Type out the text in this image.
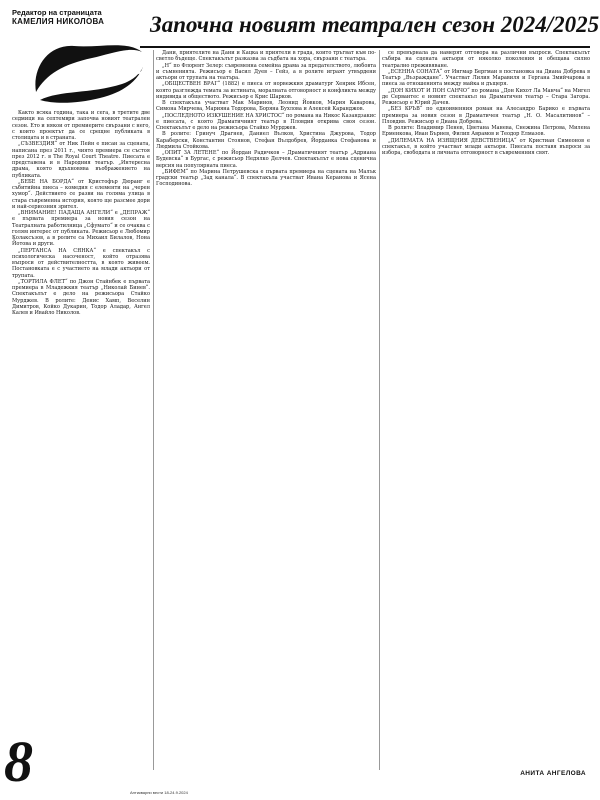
Редактор на страницата
КАМЕЛИЯ НИКОЛОВА Започна новият театрален сезон 2024/2025
Сцена

Както всяка година, така и сега, в третите две седмици на септември започва новият театрален сезон. Ето и някои от премиерите свързани с него, с които проектът да се срещне публиката в столицата и в страната.

„СЪЗВЕЗДИЯ“ от Ник Пейн е писан за сцената, написана през 2011 г., чиято премиера се състоя през 2012 г. в The Royal Court Theatre. Пиесата е представена и в Народния театър. „Интересна драма, която вдъхновява въображението на публиката.

„БЕБЕ НА БОРДА“ от Кристофър Дюранг е събитийна пиеса – комедия с елементи на „черен хумор“. Действието се разви на голяма улица в стара съвременна история, която ще разсмее дори и най-сериозния зрител.

„ВНИМАНИЕ! ПАДАЩА АНГЕЛИ“ е „ДЕПРАЖ“ е първата премиера за новия сезон на Театралната работилница „Сфумато“ и се очаква с голям интерес от публиката. Режисьор е Любомир Колаксъзов, а в ролите са Михаил Билалов, Нона Йотова и други.

„ПЕРТАНСА НА СЯНКА“ е спектакъл с психологическа насоченост, който отразява въпроси от действителността, в която живеем. Постановката е с участието на млади актьори от трупата.

„ТОРТИЛА ФЛЕТ“ по Джон Стайнбек е първата премиера в Младежкия театър „Николай Бинев“. Спектакълът е дело на режисьора Стайко Мурджев. В ролите: Денис Хамп, Веселин Димитров, Койко Дукарин, Тодор Аладар, Ангел Калев и Ивайло Николов.

Дани, приятелите на Дани и Кацка и приятели в града, които тръгват към по-светло бъдеще. Спектакълът разказва за съдбата на хора, свързани с театъра.

„Н“ по Флорент Зелер: съвременна семейна драма за предателството, любовта и съмненията. Режисьор е Васил Дуев – Гейз, а в ролите играят утвърдени актьори от трупата на театъра.

„ОБЩЕСТВЕН ВРАГ“ (1882) е пиеса от норвежкия драматург Хенрик Ибсен, която разглежда темата за истината, моралната отговорност и конфликта между индивида и обществото. Режисьор е Крис Шарков.

В спектакъла участват Мак Маринов, Леонид Йовков, Мария Каварова, Симона Мирчева, Марияна Тодорова, Боряна Бухлова и Алексей Каранджов.

„ПОСЛЕДНОТО ИЗКУШЕНИЕ НА ХРИСТОС“ по романа на Никос Казандзакис е пиесата, с която Драматичният театър в Пловдив открива своя сезон. Спектакълът е дело на режисьора Стайко Мурджев.

В ролите: Гринуч Драгнев, Даниел Вълков, Христина Джурова, Тодор Караберски, Константин Стоянов, Стефан Вълдобрев, Йорданка Стефанова и Людмила Стойкова.

„ОПИТ ЗА ЛЕТЕНЕ“ по Йордан Радичков – Драматичният театър „Адриана Будевска“ в Бургас, с режисьор Недялко Делчев. Спектакълът е нова сценична версия на популярната пиеса.

„БИФЕМ“ по Марина Петрушевска е първата премиера на сцената на Малък градски театър „Зад канала“. В спектакъла участват Ивана Керанова и Ясена Господинова.

се превърнала да намерят отговора на различни въпроси. Спектакълът събира на сцената актьори от няколко поколения и обещава силно театрално преживяване.

„ЕСЕННА СОНАТА“ от Ингмар Бергман в постановка на Диана Добрева в Театър „Възраждане“. Участват Лилия Маравиля и Гергана Змийчарова в пиеса за отношенията между майка и дъщеря.

„ДОН КИХОТ И ПОН САНЧО“ по романа „Дон Кихот Ла Манча“ на Мигел де Сервантес е новият спектакъл на Драматичен театър – Стара Загора. Режисьор е Юрий Дачев.

„БЕЗ КРЪВ“ по едноименния роман на Алесандро Барико е първата премиера за новия сезон в Драматичен театър „Н. О. Масалитинов“ – Пловдив. Режисьор е Диана Добрева.

В ролите: Владимир Пенев, Цветана Манева, Снежина Петрова, Милена Ерменкова, Иван Бърнев, Филип Аврамов и Теодор Елмазов.

„ДИЛЕМАТА НА ИЗЯЩНИЯ ДЕВСТВЕНИЦА“ от Кристиан Симеонов е спектакъл, в който участват млади актьори. Пиесата поставя въпроси за избора, свободата и личната отговорност в съвременния свят.

8	Антикварни вести 18-24.9.2024
АНИТА АНГЕЛОВА
